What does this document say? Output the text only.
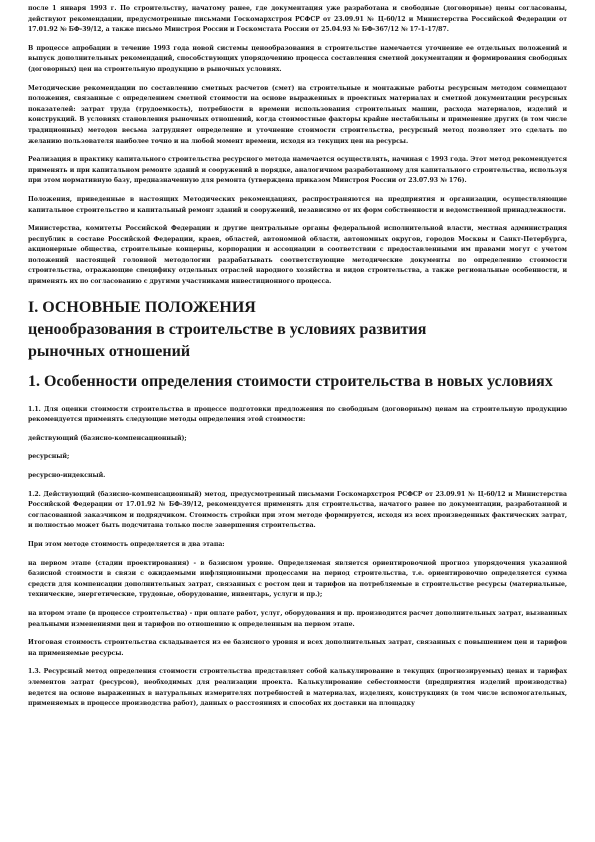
после 1 января 1993 г. По строительству, начатому ранее, где документация уже разработана и свободные (договорные) цены согласованы, действуют рекомендации, предусмотренные письмами Госкомархстроя РСФСР от 23.09.91 № Ц-60/12 и Министерства Российской Федерации от 17.01.92 № БФ-39/12, а также письмо Минстроя России и Госкомстата России от 25.04.93 № БФ-367/12 № 17-1-17/87.

В процессе апробации в течение 1993 года новой системы ценообразования в строительстве намечается уточнение ее отдельных положений и выпуск дополнительных рекомендаций, способствующих упорядочению процесса составления сметной документации и формирования свободных (договорных) цен на строительную продукцию в рыночных условиях.

Методические рекомендации по составлению сметных расчетов (смет) на строительные и монтажные работы ресурсным методом совмещают положения, связанные с определением сметной стоимости на основе выраженных в проектных материалах и сметной документации ресурсных показателей: затрат труда (трудоемкость), потребности в времени использования строительных машин, расхода материалов, изделий и конструкций. В условиях становления рыночных отношений, когда стоимостные факторы крайне нестабильны и применение других (в том числе традиционных) методов весьма затрудняет определение и уточнение стоимости строительства, ресурсный метод позволяет это сделать по желанию пользователя наиболее точно и на любой момент времени, исходя из текущих цен на ресурсы.

Реализация в практику капитального строительства ресурсного метода намечается осуществлять, начиная с 1993 года. Этот метод рекомендуется применять и при капитальном ремонте зданий и сооружений в порядке, аналогичном разработанному для капитального строительства, используя при этом нормативную базу, предназначенную для ремонта (утверждена приказом Минстроя России от 23.07.93 № 176).

Положения, приведенные в настоящих Методических рекомендациях, распространяются на предприятия и организации, осуществляющие капитальное строительство и капитальный ремонт зданий и сооружений, независимо от их форм собственности и ведомственной принадлежности.

Министерства, комитеты Российской Федерации и другие центральные органы федеральной исполнительной власти, местная администрация республик в составе Российской Федерации, краев, областей, автономной области, автономных округов, городов Москвы и Санкт-Петербурга, акционерные общества, строительные концерны, корпорации и ассоциации в соответствии с предоставленными им правами могут с учетом положений настоящей головной методологии разрабатывать соответствующие методические документы по определению стоимости строительства, отражающие специфику отдельных отраслей народного хозяйства и видов строительства, а также региональные особенности, и применять их по согласованию с другими участниками инвестиционного процесса.

I. ОСНОВНЫЕ ПОЛОЖЕНИЯ
ценообразования в строительстве в условиях развития
рыночных отношений
1. Особенности определения стоимости строительства в новых условиях

1.1. Для оценки стоимости строительства в процессе подготовки предложения по свободным (договорным) ценам на строительную продукцию рекомендуется применять следующие методы определения этой стоимости:

действующий (базисно-компенсационный);

ресурсный;

ресурсно-индексный.

1.2. Действующий (базисно-компенсационный) метод, предусмотренный письмами Госкомархстроя РСФСР от 23.09.91 № Ц-60/12 и Министерства Российской Федерации от 17.01.92 № БФ-39/12, рекомендуется применять для строительства, начатого ранее по документации, разработанной и согласованной заказчиком и подрядчиком. Стоимость стройки при этом методе формируется, исходя из всех произведенных фактических затрат, и полностью может быть подсчитана только после завершения строительства.

При этом методе стоимость определяется в два этапа:

на первом этапе (стадии проектирования) - в базисном уровне. Определяемая является ориентировочной прогноз упорядочения указанной базисной стоимости в связи с ожидаемыми инфляционными процессами на период строительства, т.е. ориентировочно определяется сумма средств для компенсации дополнительных затрат, связанных с ростом цен и тарифов на потребляемые в строительстве ресурсы (материальные, технические, энергетические, трудовые, оборудование, инвентарь, услуги и пр.);

на втором этапе (в процессе строительства) - при оплате работ, услуг, оборудования и пр. производится расчет дополнительных затрат, вызванных реальными изменениями цен и тарифов по отношению к определенным на первом этапе.

Итоговая стоимость строительства складывается из ее базисного уровня и всех дополнительных затрат, связанных с повышением цен и тарифов на применяемые ресурсы.

1.3. Ресурсный метод определения стоимости строительства представляет собой калькулирование в текущих (прогнозируемых) ценах и тарифах элементов затрат (ресурсов), необходимых для реализации проекта. Калькулирование себестоимости (предприятия изделий производства) ведется на основе выраженных в натуральных измерителях потребностей в материалах, изделиях, конструкциях (в том числе вспомогательных, применяемых в процессе производства работ), данных о расстояниях и способах их доставки на площадку
